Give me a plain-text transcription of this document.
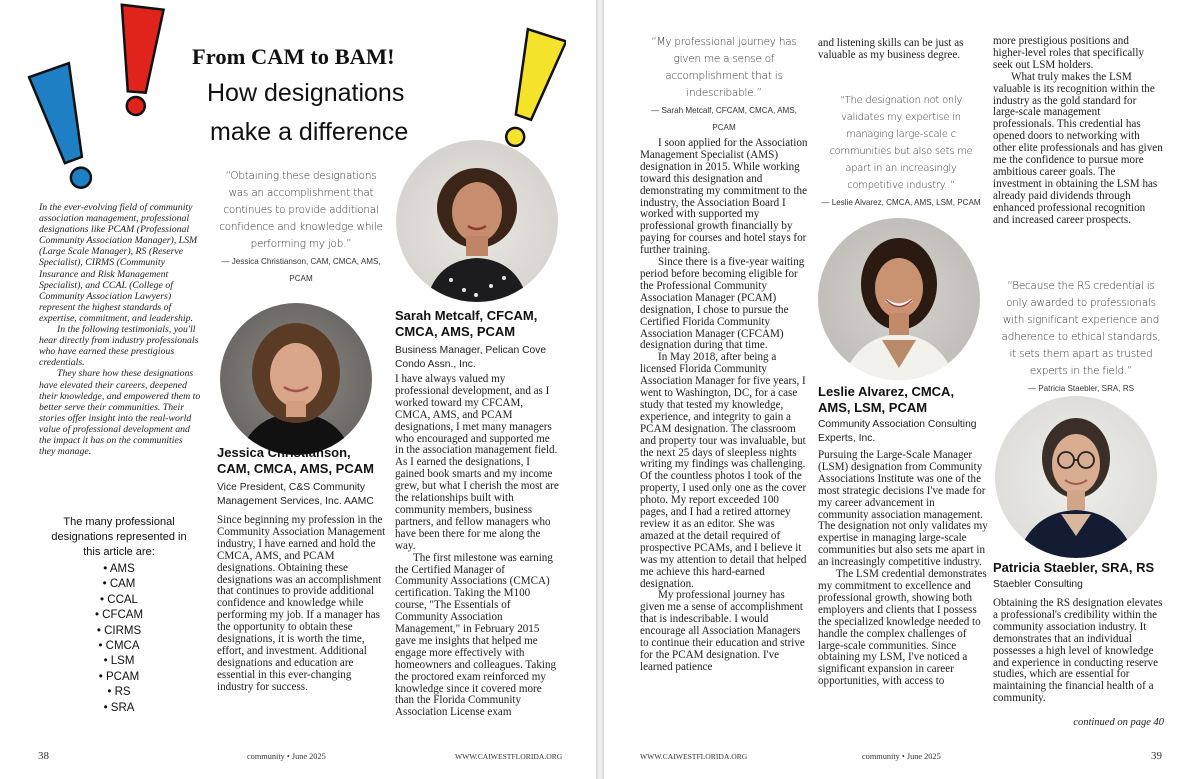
From CAM to BAM!
How designations
make a difference

In the ever-evolving field of community association management, professional designations like PCAM (Professional Community Association Manager), LSM (Large Scale Manager), RS (Reserve Specialist), CIRMS (Community Insurance and Risk Management Specialist), and CCAL (College of Community Association Lawyers) represent the highest standards of expertise, commitment, and leadership.

In the following testimonials, you'll hear directly from industry professionals who have earned these prestigious credentials.

They share how these designations have elevated their careers, deepened their knowledge, and empowered them to better serve their communities. Their stories offer insight into the real-world value of professional development and the impact it has on the communities they manage.

The many professional designations represented in this article are:
• AMS
• CAM
• CCAL
• CFCAM
• CIRMS
• CMCA
• LSM
• PCAM
• RS
• SRA
“Obtaining these designations was an accomplishment that continues to provide additional confidence and knowledge while performing my job.”
— Jessica Christianson, CAM, CMCA, AMS, PCAM
Jessica Christianson, CAM, CMCA, AMS, PCAM
Vice President, C&S Community Management Services, Inc. AAMC

Since beginning my profession in the Community Association Management industry, I have earned and hold the CMCA, AMS, and PCAM designations. Obtaining these designations was an accomplishment that continues to provide additional confidence and knowledge while performing my job. If a manager has the opportunity to obtain these designations, it is worth the time, effort, and investment. Additional designations and education are essential in this ever-changing industry for success.

Sarah Metcalf, CFCAM, CMCA, AMS, PCAM
Business Manager, Pelican Cove Condo Assn., Inc.

I have always valued my professional development, and as I worked toward my CFCAM, CMCA, AMS, and PCAM designations, I met many managers who encouraged and supported me in the association management field. As I earned the designations, I gained book smarts and my income grew, but what I cherish the most are the relationships built with community members, business partners, and fellow managers who have been there for me along the way.

The first milestone was earning the Certified Manager of Community Associations (CMCA) certification. Taking the M100 course, "The Essentials of Community Association Management," in February 2015 gave me insights that helped me engage more effectively with homeowners and colleagues. Taking the proctored exam reinforced my knowledge since it covered more than the Florida Community Association License exam

38	community • June 2025	WWW.CAIWESTFLORIDA.ORG
“My professional journey has given me a sense of accomplishment that is indescribable.”
— Sarah Metcalf, CFCAM, CMCA, AMS, PCAM

I soon applied for the Association Management Specialist (AMS) designation in 2015. While working toward this designation and demonstrating my commitment to the industry, the Association Board I worked with supported my professional growth financially by paying for courses and hotel stays for further training.

Since there is a five-year waiting period before becoming eligible for the Professional Community Association Manager (PCAM) designation, I chose to pursue the Certified Florida Community Association Manager (CFCAM) designation during that time.

In May 2018, after being a licensed Florida Community Association Manager for five years, I went to Washington, DC, for a case study that tested my knowledge, experience, and integrity to gain a PCAM designation. The classroom and property tour was invaluable, but the next 25 days of sleepless nights writing my findings was challenging. Of the countless photos I took of the property, I used only one as the cover photo. My report exceeded 100 pages, and I had a retired attorney review it as an editor. She was amazed at the detail required of prospective PCAMs, and I believe it was my attention to detail that helped me achieve this hard-earned designation.

My professional journey has given me a sense of accomplishment that is indescribable. I would encourage all Association Managers to continue their education and strive for the PCAM designation. I've learned patience

and listening skills can be just as valuable as my business degree.

“The designation not only validates my expertise in managing large-scale c communities but also sets me apart in an increasingly competitive industry..”
— Leslie Alvarez, CMCA, AMS, LSM, PCAM
Leslie Alvarez, CMCA, AMS, LSM, PCAM
Community Association Consulting Experts, Inc.

Pursuing the Large-Scale Manager (LSM) designation from Community Associations Institute was one of the most strategic decisions I've made for my career advancement in community association management. The designation not only validates my expertise in managing large-scale communities but also sets me apart in an increasingly competitive industry.

The LSM credential demonstrates my commitment to excellence and professional growth, showing both employers and clients that I possess the specialized knowledge needed to handle the complex challenges of large-scale communities. Since obtaining my LSM, I've noticed a significant expansion in career opportunities, with access to

more prestigious positions and higher-level roles that specifically seek out LSM holders.

What truly makes the LSM valuable is its recognition within the industry as the gold standard for large-scale management professionals. This credential has opened doors to networking with other elite professionals and has given me the confidence to pursue more ambitious career goals. The investment in obtaining the LSM has already paid dividends through enhanced professional recognition and increased career prospects.

“Because the RS credential is only awarded to professionals with significant experience and adherence to ethical standards, it sets them apart as trusted experts in the field.”
— Patricia Staebler, SRA, RS
Patricia Staebler, SRA, RS
Staebler Consulting

Obtaining the RS designation elevates a professional's credibility within the community association industry. It demonstrates that an individual possesses a high level of knowledge and experience in conducting reserve studies, which are essential for maintaining the financial health of a community.

continued on page 40
WWW.CAIWESTFLORIDA.ORG	community • June 2025	39
